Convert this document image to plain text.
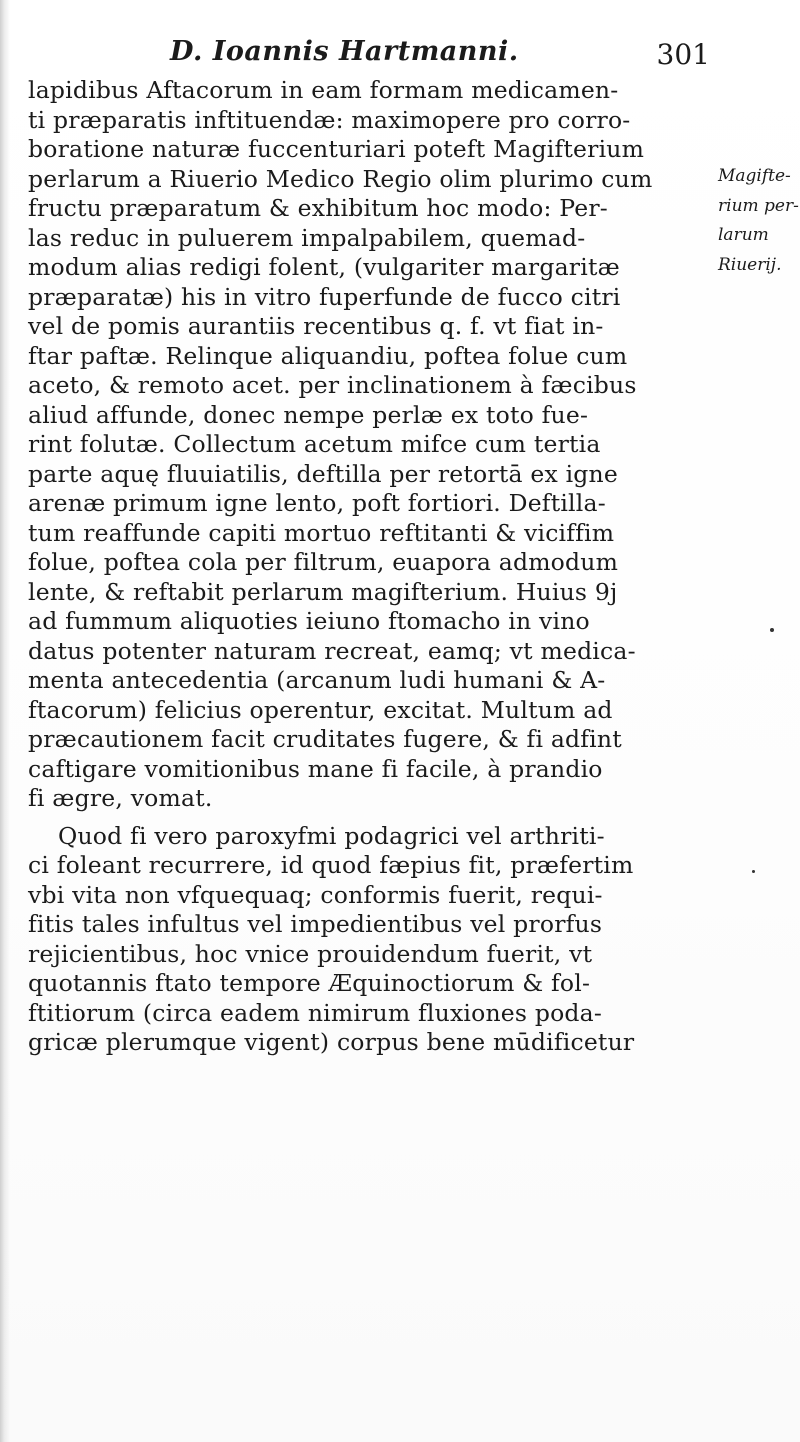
D. Ioannis Hartmanni.	301
lapidibus Aftacorum in eam formam medicamen-
ti præparatis inftituendæ: maximopere pro corro-
boratione naturæ fuccenturiari poteft Magifterium
perlarum a Riuerio Medico Regio olim plurimo cum
fructu præparatum & exhibitum hoc modo: Per-
las reduc in puluerem impalpabilem, quemad-
modum alias redigi folent, (vulgariter margaritæ
præparatæ) his in vitro fuperfunde de fucco citri
vel de pomis aurantiis recentibus q. f. vt fiat in-
ftar paftæ. Relinque aliquandiu, poftea folue cum
aceto, & remoto acet. per inclinationem à fæcibus
aliud affunde, donec nempe perlæ ex toto fue-
rint folutæ. Collectum acetum mifce cum tertia
parte aquę fluuiatilis, deftilla per retortā ex igne
arenæ primum igne lento, poft fortiori. Deftilla-
tum reaffunde capiti mortuo reftitanti & viciffim
folue, poftea cola per filtrum, euapora admodum
lente, & reftabit perlarum magifterium. Huius 9j
ad fummum aliquoties ieiuno ftomacho in vino
datus potenter naturam recreat, eamq; vt medica-
menta antecedentia (arcanum ludi humani & A-
ftacorum) felicius operentur, excitat. Multum ad
præcautionem facit cruditates fugere, & fi adfint
caftigare vomitionibus mane fi facile, à prandio
fi ægre, vomat.
Quod fi vero paroxyfmi podagrici vel arthriti-
ci foleant recurrere, id quod fæpius fit, præfertim
vbi vita non vfquequaq; conformis fuerit, requi-
fitis tales infultus vel impedientibus vel prorfus
rejicientibus, hoc vnice prouidendum fuerit, vt
quotannis ftato tempore Æquinoctiorum & fol-
ftitiorum (circa eadem nimirum fluxiones poda-
gricæ plerumque vigent) corpus bene mūdificetur
Magifte-
rium per-
larum
Riuerij.
